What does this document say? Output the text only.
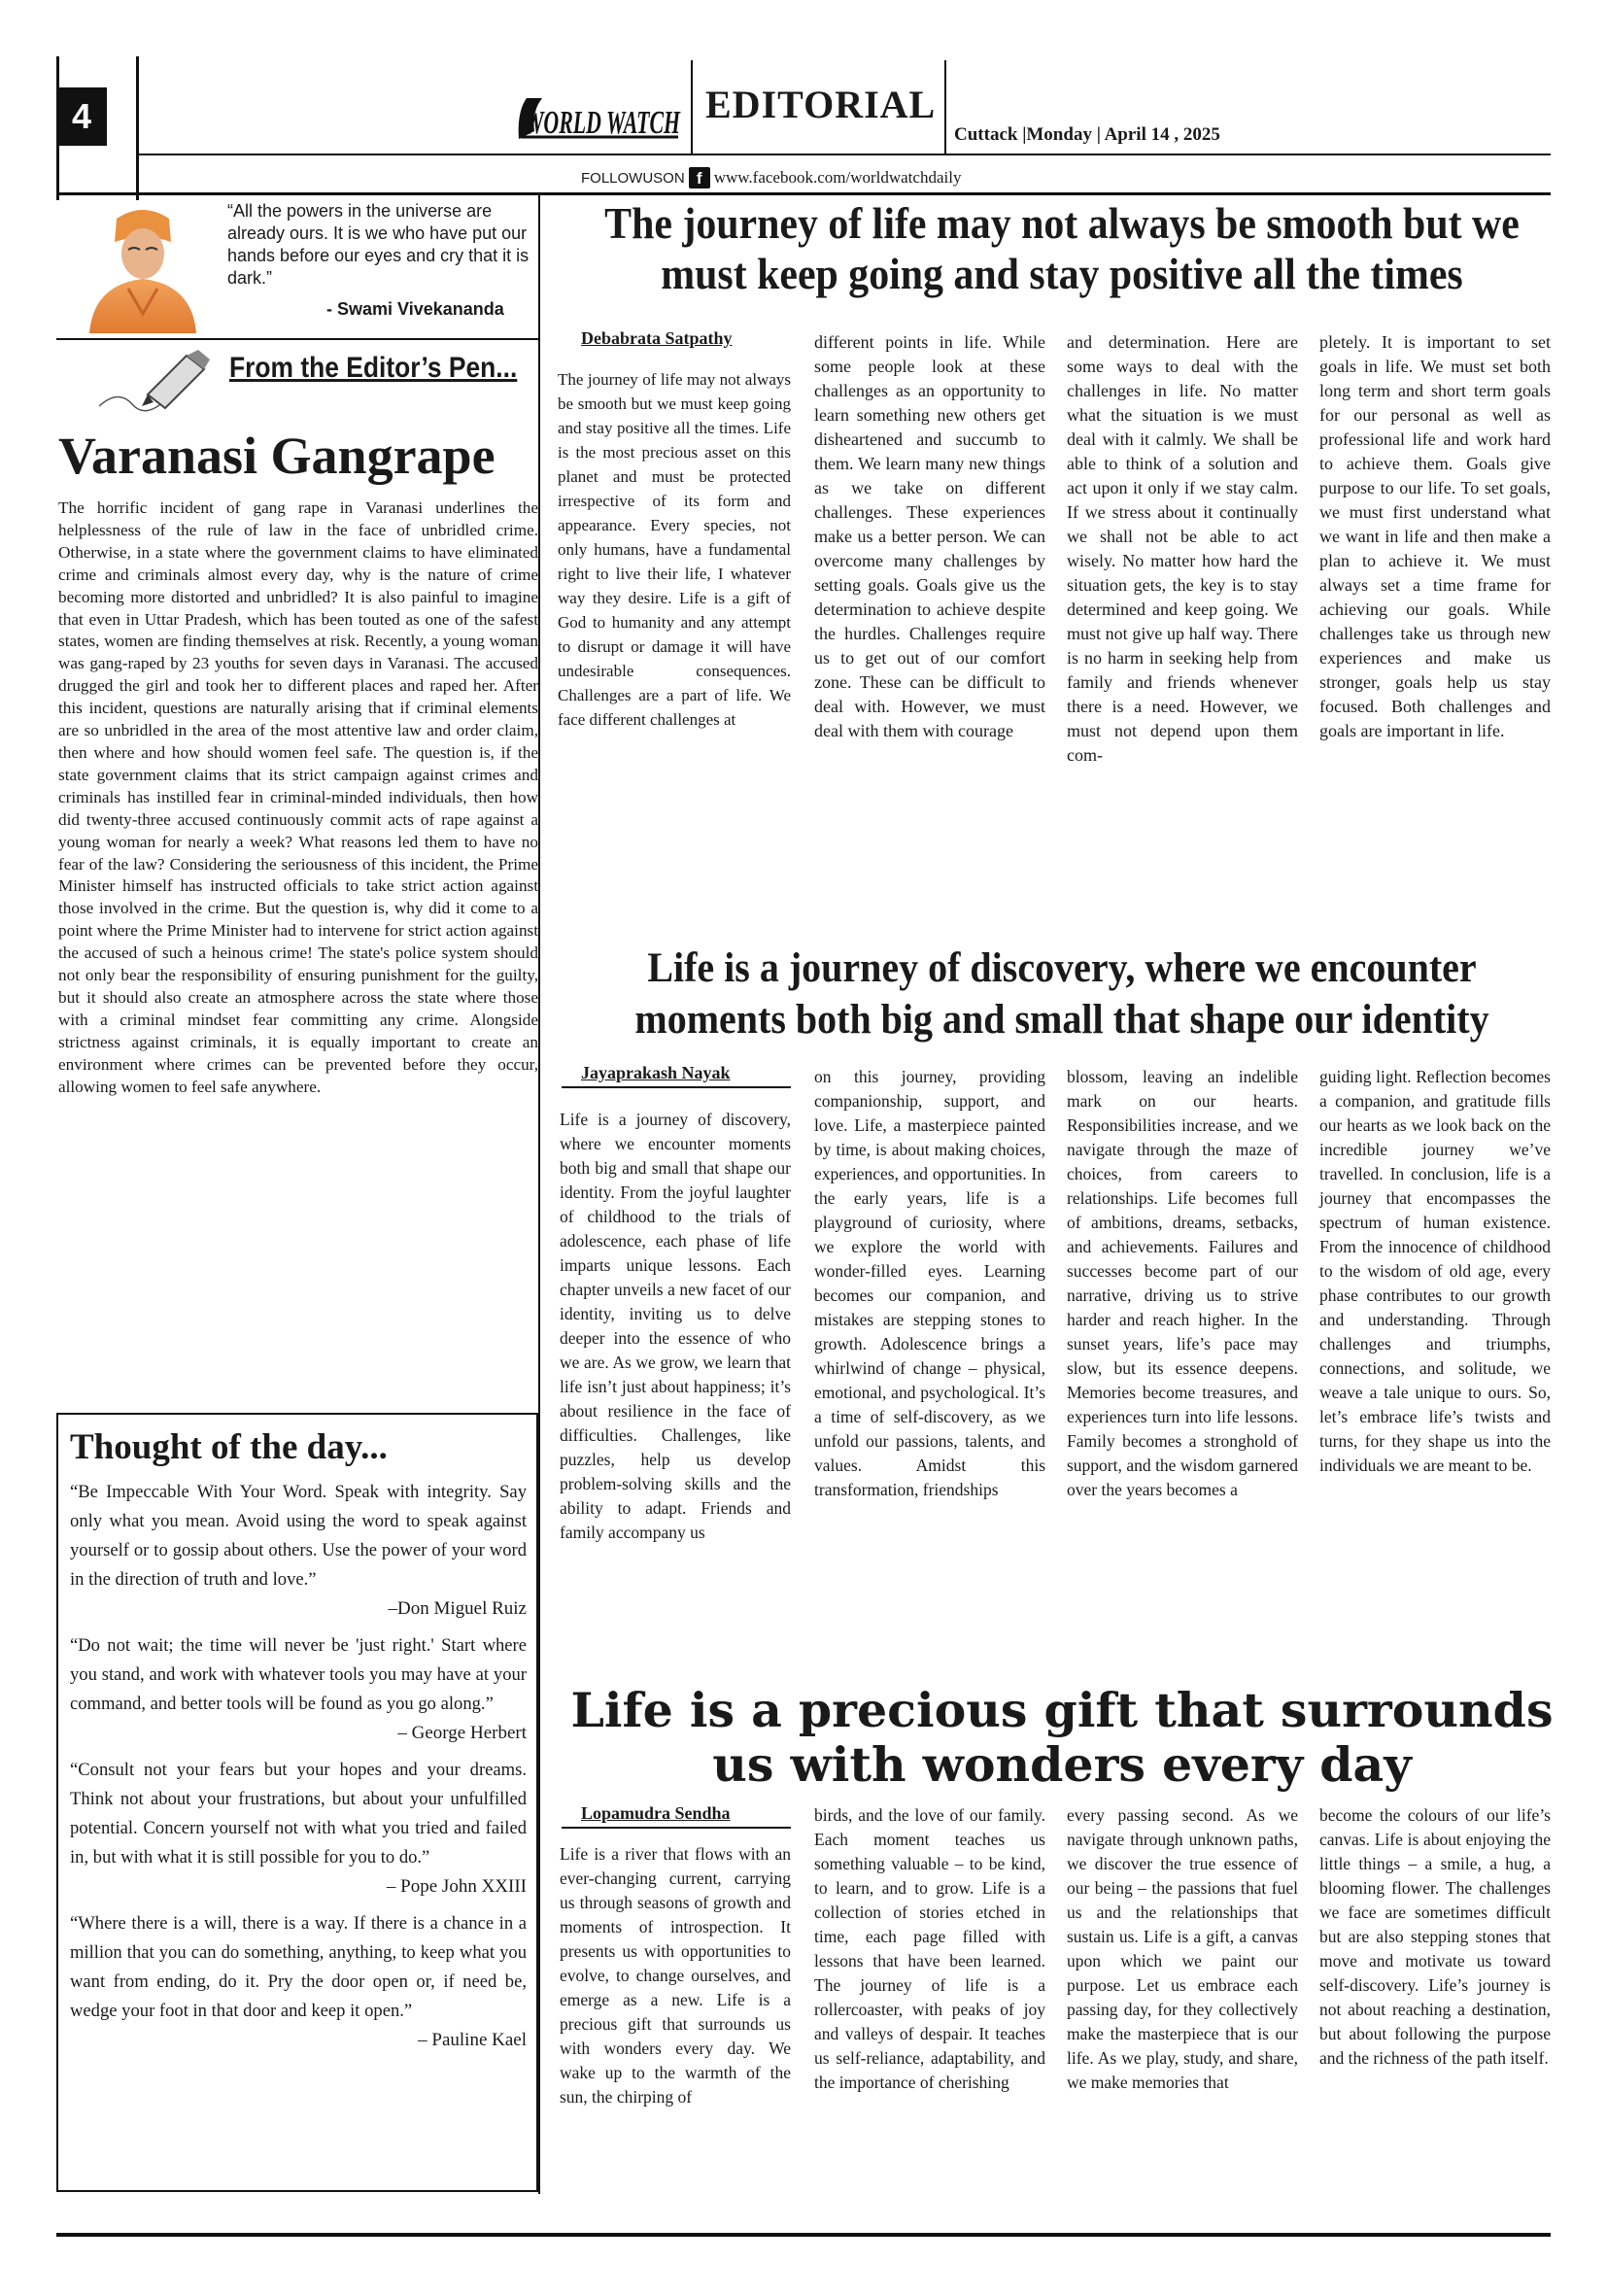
4	WORLD WATCH EDITORIAL
Cuttack |Monday | April 14 , 2025
FOLLOWUSON f www.facebook.com/worldwatchdaily
“All the powers in the universe are already ours. It is we who have put our hands before our eyes and cry that it is dark.”
- Swami Vivekananda
From the Editor’s Pen...
Varanasi Gangrape
The horrific incident of gang rape in Varanasi underlines the helplessness of the rule of law in the face of unbridled crime. Otherwise, in a state where the government claims to have eliminated crime and criminals almost every day, why is the nature of crime becoming more distorted and unbridled? It is also painful to imagine that even in Uttar Pradesh, which has been touted as one of the safest states, women are finding themselves at risk. Recently, a young woman was gang-raped by 23 youths for seven days in Varanasi. The accused drugged the girl and took her to different places and raped her. After this incident, questions are naturally arising that if criminal elements are so unbridled in the area of the most attentive law and order claim, then where and how should women feel safe. The question is, if the state government claims that its strict campaign against crimes and criminals has instilled fear in criminal-minded individuals, then how did twenty-three accused continuously commit acts of rape against a young woman for nearly a week? What reasons led them to have no fear of the law? Considering the seriousness of this incident, the Prime Minister himself has instructed officials to take strict action against those involved in the crime. But the question is, why did it come to a point where the Prime Minister had to intervene for strict action against the accused of such a heinous crime! The state's police system should not only bear the responsibility of ensuring punishment for the guilty, but it should also create an atmosphere across the state where those with a criminal mindset fear committing any crime. Alongside strictness against criminals, it is equally important to create an environment where crimes can be prevented before they occur, allowing women to feel safe anywhere.
Thought of the day...
“Be Impeccable With Your Word. Speak with integrity. Say only what you mean. Avoid using the word to speak against yourself or to gossip about others. Use the power of your word in the direction of truth and love.”
–Don Miguel Ruiz
“Do not wait; the time will never be 'just right.' Start where you stand, and work with whatever tools you may have at your command, and better tools will be found as you go along.”
– George Herbert
“Consult not your fears but your hopes and your dreams. Think not about your frustrations, but about your unfulfilled potential. Concern yourself not with what you tried and failed in, but with what it is still possible for you to do.”
– Pope John XXIII
“Where there is a will, there is a way. If there is a chance in a million that you can do something, anything, to keep what you want from ending, do it. Pry the door open or, if need be, wedge your foot in that door and keep it open.”
– Pauline Kael
The journey of life may not always be smooth but we must keep going and stay positive all the times
Debabrata Satpathy
The journey of life may not always be smooth but we must keep going and stay positive all the times. Life is the most precious asset on this planet and must be protected irrespective of its form and appearance. Every species, not only humans, have a fundamental right to live their life, I whatever way they desire. Life is a gift of God to humanity and any attempt to disrupt or damage it will have undesirable consequences. Challenges are a part of life. We face different challenges at
different points in life. While some people look at these challenges as an opportunity to learn something new others get disheartened and succumb to them. We learn many new things as we take on different challenges. These experiences make us a better person. We can overcome many challenges by setting goals. Goals give us the determination to achieve despite the hurdles. Challenges require us to get out of our comfort zone. These can be difficult to deal with. However, we must deal with them with courage
and determination. Here are some ways to deal with the challenges in life. No matter what the situation is we must deal with it calmly. We shall be able to think of a solution and act upon it only if we stay calm. If we stress about it continually we shall not be able to act wisely. No matter how hard the situation gets, the key is to stay determined and keep going. We must not give up half way. There is no harm in seeking help from family and friends whenever there is a need. However, we must not depend upon them com-
pletely. It is important to set goals in life. We must set both long term and short term goals for our personal as well as professional life and work hard to achieve them. Goals give purpose to our life. To set goals, we must first understand what we want in life and then make a plan to achieve it. We must always set a time frame for achieving our goals. While challenges take us through new experiences and make us stronger, goals help us stay focused. Both challenges and goals are important in life.
Life is a journey of discovery, where we encounter moments both big and small that shape our identity
Jayaprakash Nayak
Life is a journey of discovery, where we encounter moments both big and small that shape our identity. From the joyful laughter of childhood to the trials of adolescence, each phase of life imparts unique lessons. Each chapter unveils a new facet of our identity, inviting us to delve deeper into the essence of who we are. As we grow, we learn that life isn’t just about happiness; it’s about resilience in the face of difficulties. Challenges, like puzzles, help us develop problem-solving skills and the ability to adapt. Friends and family accompany us
on this journey, providing companionship, support, and love. Life, a masterpiece painted by time, is about making choices, experiences, and opportunities. In the early years, life is a playground of curiosity, where we explore the world with wonder-filled eyes. Learning becomes our companion, and mistakes are stepping stones to growth. Adolescence brings a whirlwind of change – physical, emotional, and psychological. It’s a time of self-discovery, as we unfold our passions, talents, and values. Amidst this transformation, friendships
blossom, leaving an indelible mark on our hearts. Responsibilities increase, and we navigate through the maze of choices, from careers to relationships. Life becomes full of ambitions, dreams, setbacks, and achievements. Failures and successes become part of our narrative, driving us to strive harder and reach higher. In the sunset years, life’s pace may slow, but its essence deepens. Memories become treasures, and experiences turn into life lessons. Family becomes a stronghold of support, and the wisdom garnered over the years becomes a
guiding light. Reflection becomes a companion, and gratitude fills our hearts as we look back on the incredible journey we’ve travelled. In conclusion, life is a journey that encompasses the spectrum of human existence. From the innocence of childhood to the wisdom of old age, every phase contributes to our growth and understanding. Through challenges and triumphs, connections, and solitude, we weave a tale unique to ours. So, let’s embrace life’s twists and turns, for they shape us into the individuals we are meant to be.
Life is a precious gift that surrounds us with wonders every day
Lopamudra Sendha
Life is a river that flows with an ever-changing current, carrying us through seasons of growth and moments of introspection. It presents us with opportunities to evolve, to change ourselves, and emerge as a new. Life is a precious gift that surrounds us with wonders every day. We wake up to the warmth of the sun, the chirping of
birds, and the love of our family. Each moment teaches us something valuable – to be kind, to learn, and to grow. Life is a collection of stories etched in time, each page filled with lessons that have been learned. The journey of life is a rollercoaster, with peaks of joy and valleys of despair. It teaches us self-reliance, adaptability, and the importance of cherishing
every passing second. As we navigate through unknown paths, we discover the true essence of our being – the passions that fuel us and the relationships that sustain us. Life is a gift, a canvas upon which we paint our purpose. Let us embrace each passing day, for they collectively make the masterpiece that is our life. As we play, study, and share, we make memories that
become the colours of our life’s canvas. Life is about enjoying the little things – a smile, a hug, a blooming flower. The challenges we face are sometimes difficult but are also stepping stones that move and motivate us toward self-discovery. Life’s journey is not about reaching a destination, but about following the purpose and the richness of the path itself.
